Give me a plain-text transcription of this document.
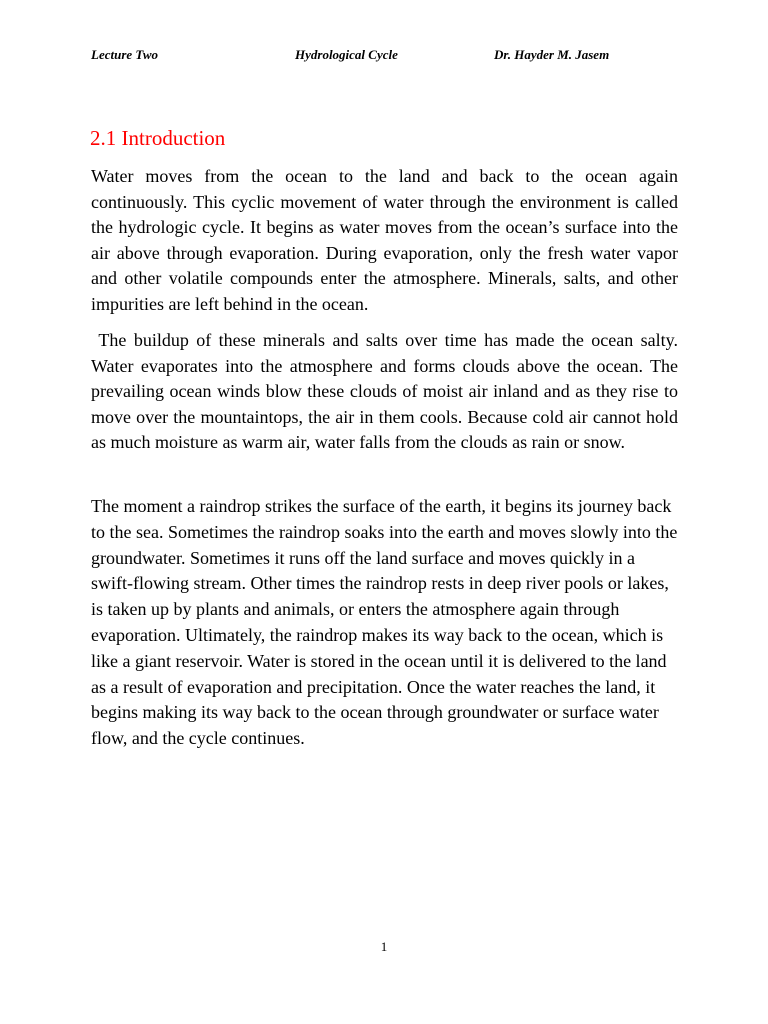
Lecture Two	Hydrological Cycle	Dr. Hayder M. Jasem
2.1 Introduction

Water moves from the ocean to the land and back to the ocean again continuously. This cyclic movement of water through the environment is called the hydrologic cycle. It begins as water moves from the ocean’s surface into the air above through evaporation. During evaporation, only the fresh water vapor and other volatile compounds enter the atmosphere. Minerals, salts, and other impurities are left behind in the ocean.

The buildup of these minerals and salts over time has made the ocean salty. Water evaporates into the atmosphere and forms clouds above the ocean. The prevailing ocean winds blow these clouds of moist air inland and as they rise to move over the mountaintops, the air in them cools. Because cold air cannot hold as much moisture as warm air, water falls from the clouds as rain or snow.

The moment a raindrop strikes the surface of the earth, it begins its journey back to the sea. Sometimes the raindrop soaks into the earth and moves slowly into the groundwater. Sometimes it runs off the land surface and moves quickly in a swift-flowing stream. Other times the raindrop rests in deep river pools or lakes, is taken up by plants and animals, or enters the atmosphere again through evaporation. Ultimately, the raindrop makes its way back to the ocean, which is like a giant reservoir. Water is stored in the ocean until it is delivered to the land as a result of evaporation and precipitation. Once the water reaches the land, it begins making its way back to the ocean through groundwater or surface water flow, and the cycle continues.

1
